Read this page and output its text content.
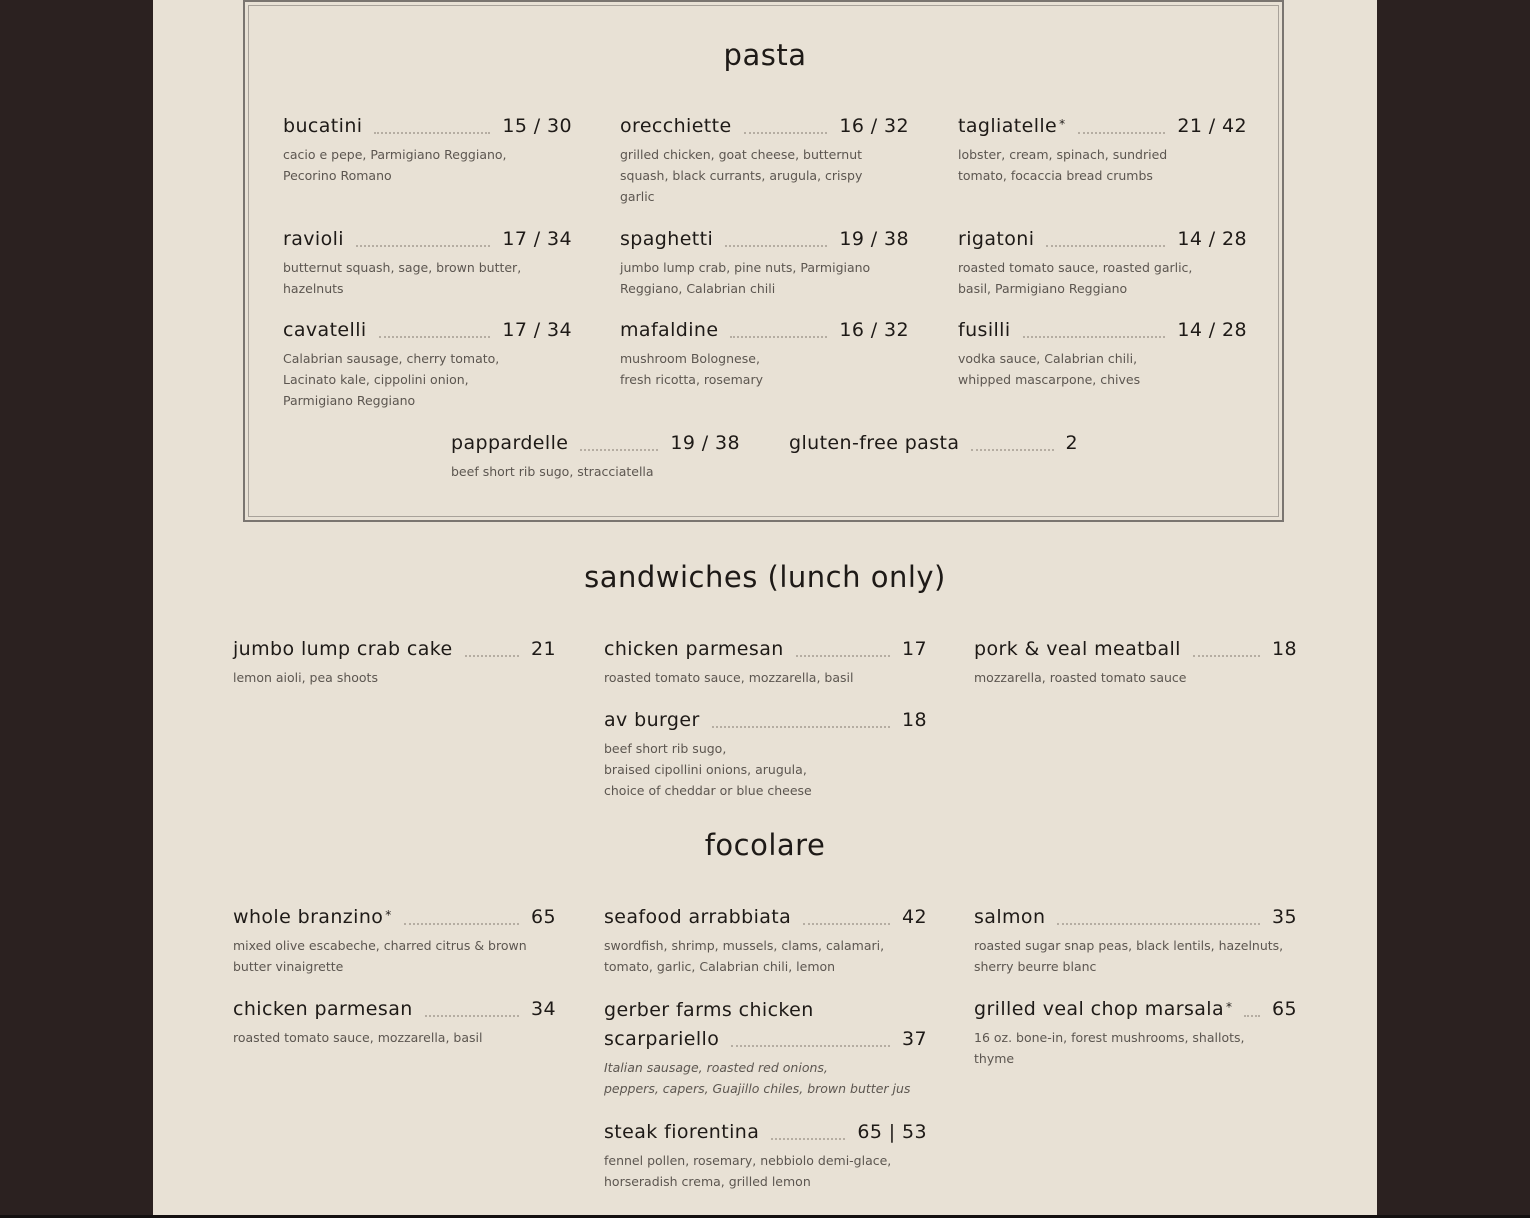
pasta
bucatini	15 / 30
cacio e pepe, Parmigiano Reggiano,
Pecorino Romano
orecchiette	16 / 32
grilled chicken, goat cheese, butternut
squash, black currants, arugula, crispy
garlic
tagliatelle *	21 / 42
lobster, cream, spinach, sundried
tomato, focaccia bread crumbs
ravioli	17 / 34
butternut squash, sage, brown butter,
hazelnuts
spaghetti	19 / 38
jumbo lump crab, pine nuts, Parmigiano
Reggiano, Calabrian chili
rigatoni	14 / 28
roasted tomato sauce, roasted garlic,
basil, Parmigiano Reggiano
cavatelli	17 / 34
Calabrian sausage, cherry tomato,
Lacinato kale, cippolini onion,
Parmigiano Reggiano
mafaldine	16 / 32
mushroom Bolognese,
fresh ricotta, rosemary
fusilli	14 / 28
vodka sauce, Calabrian chili,
whipped mascarpone, chives
pappardelle	19 / 38
beef short rib sugo, stracciatella
gluten-free pasta	2
sandwiches (lunch only)
jumbo lump crab cake	21
lemon aioli, pea shoots
chicken parmesan	17
roasted tomato sauce, mozzarella, basil
pork & veal meatball	18
mozzarella, roasted tomato sauce
av burger	18
beef short rib sugo,
braised cipollini onions, arugula,
choice of cheddar or blue cheese
focolare
whole branzino *	65
mixed olive escabeche, charred citrus & brown
butter vinaigrette
seafood arrabbiata	42
swordfish, shrimp, mussels, clams, calamari,
tomato, garlic, Calabrian chili, lemon
salmon	35
roasted sugar snap peas, black lentils, hazelnuts,
sherry beurre blanc
chicken parmesan	34
roasted tomato sauce, mozzarella, basil
gerber farms chicken
scarpariello	37
Italian sausage, roasted red onions,
peppers, capers, Guajillo chiles, brown butter jus
grilled veal chop marsala * 65
16 oz. bone-in, forest mushrooms, shallots,
thyme
steak fiorentina	65 | 53
fennel pollen, rosemary, nebbiolo demi-glace,
horseradish crema, grilled lemon
